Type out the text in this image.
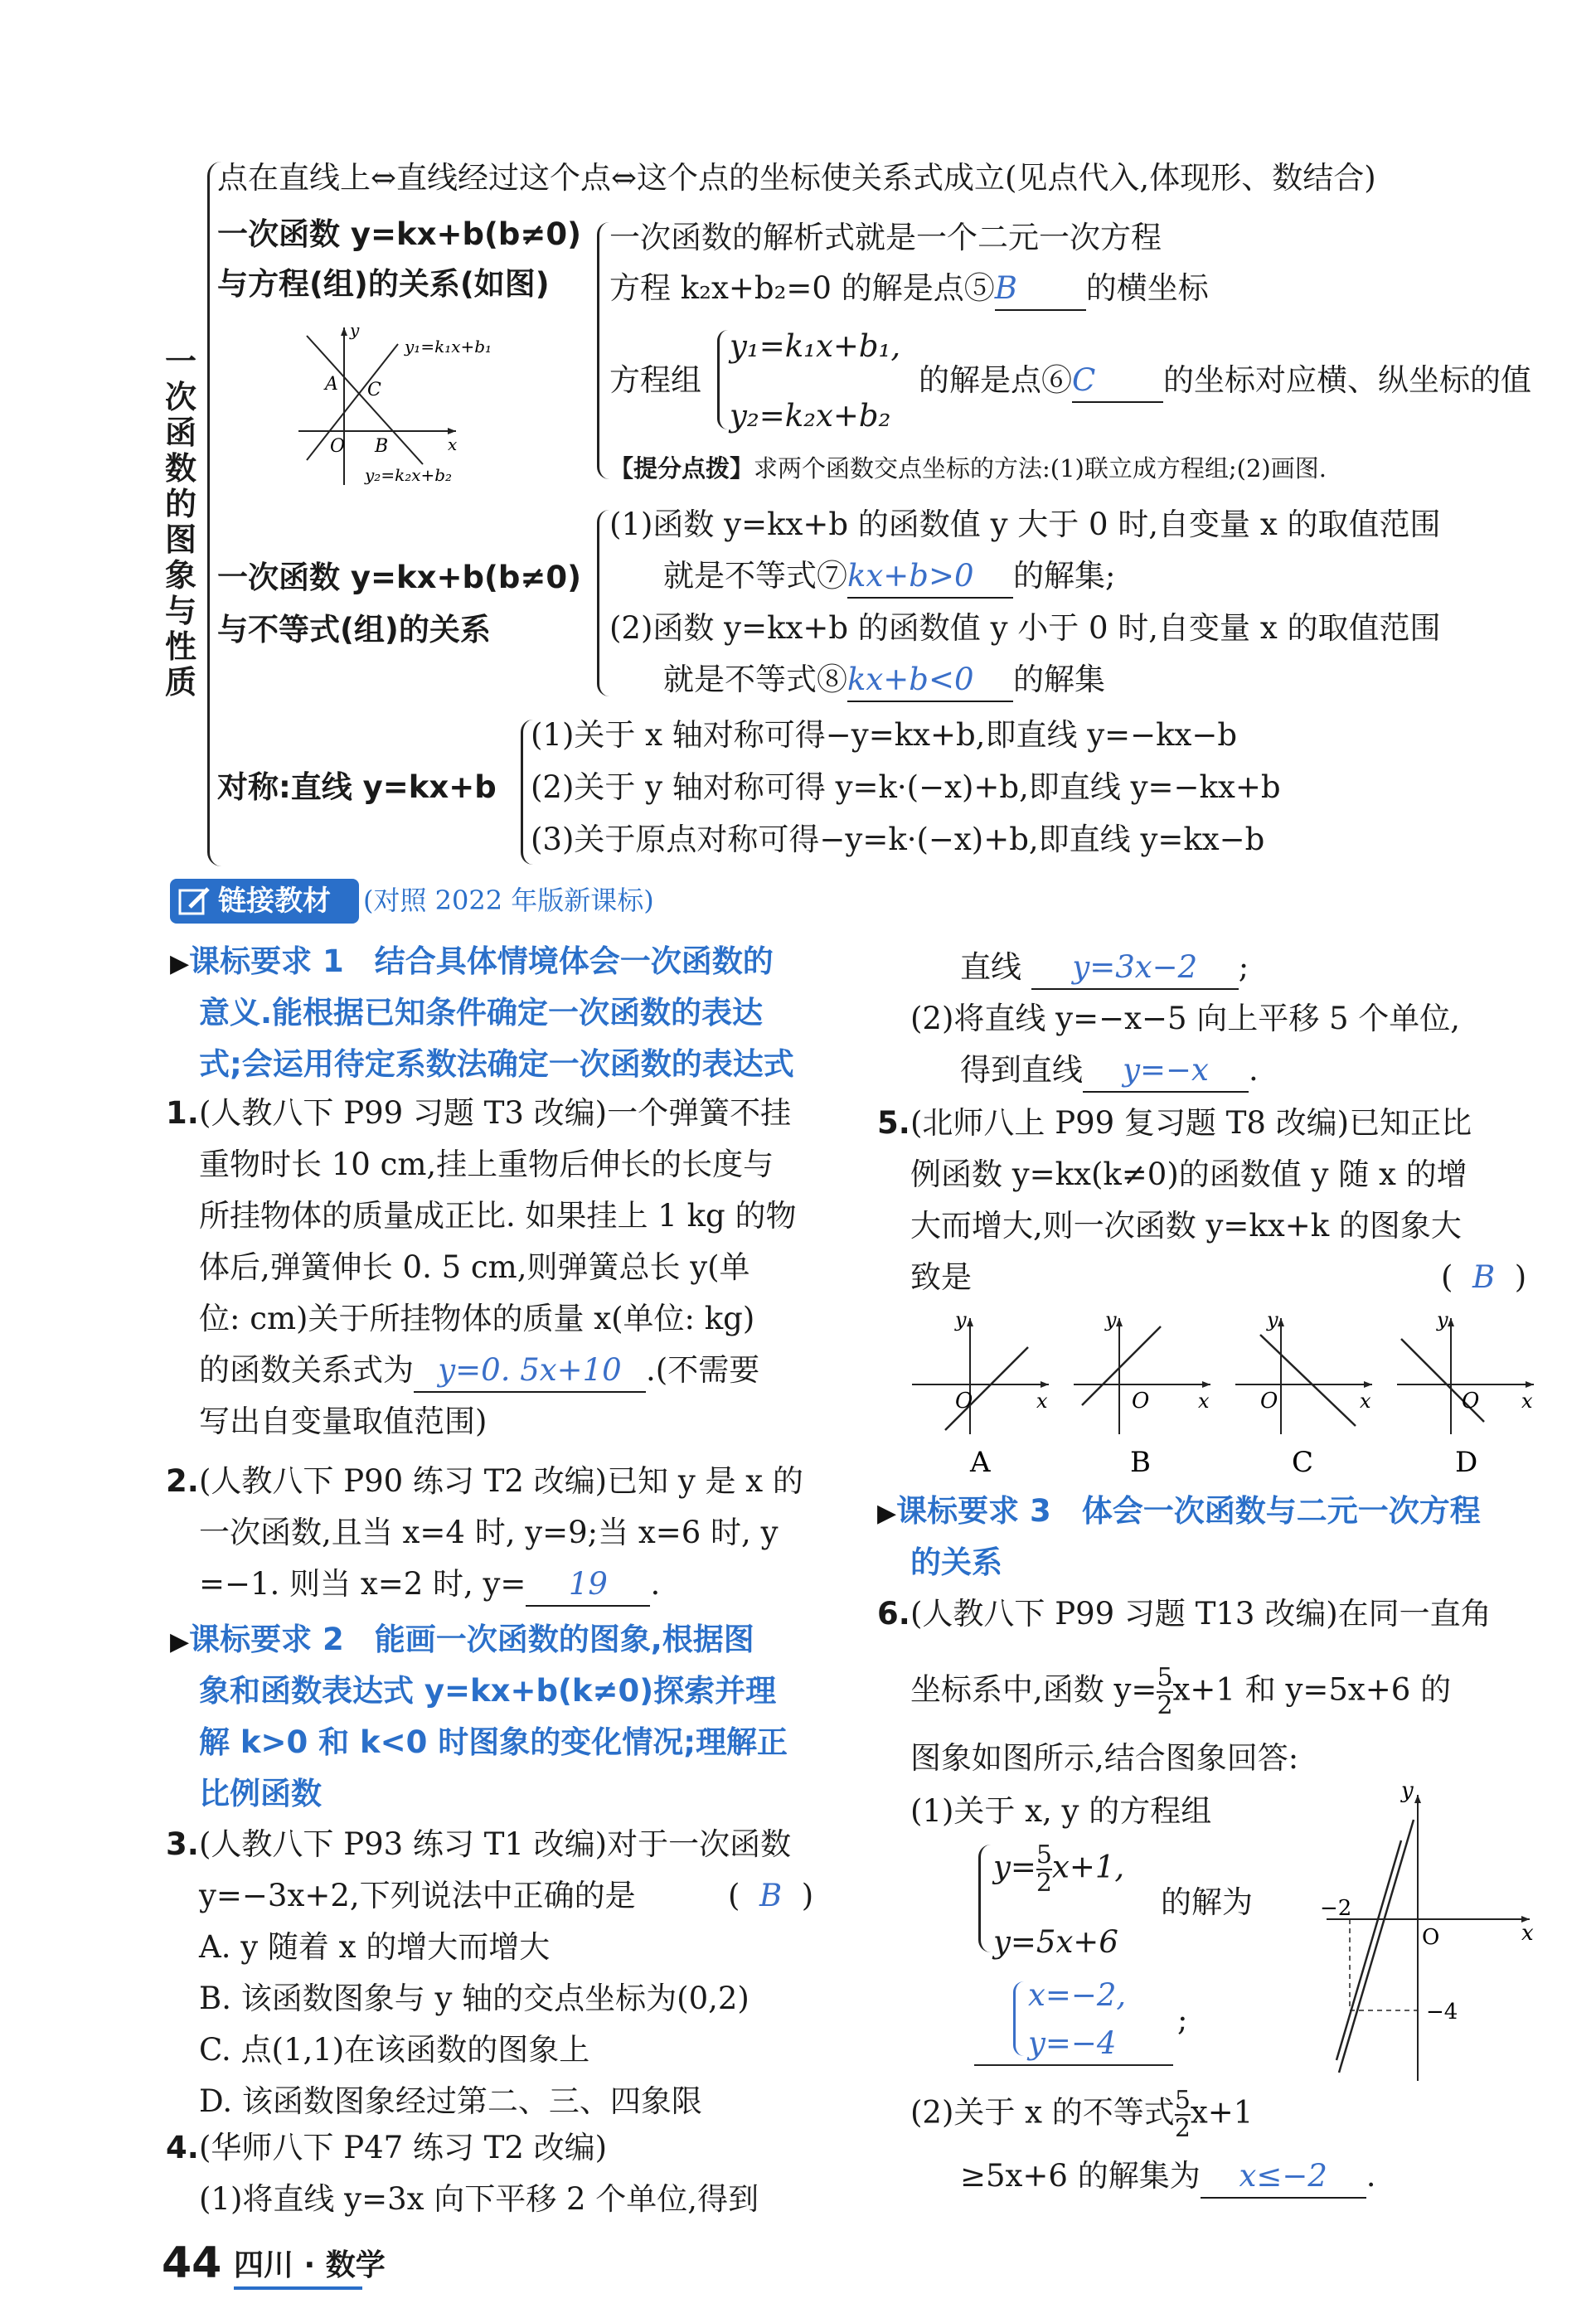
一次函数的图象与性质
点在直线上⇔直线经过这个点⇔这个点的坐标使关系式成立(见点代入,体现形、数结合)
一次函数 y=kx+b(b≠0)
与方程(组)的关系(如图)
y
x
O B
A C
y₁=k₁x+b₁
y₂=k₂x+b₂
一次函数的解析式就是一个二元一次方程
方程 k₂x+b₂=0 的解是点⑤B 的横坐标
方程组
y₁=k₁x+b₁,
y₂=k₂x+b₂
的解是点⑥C 的坐标对应横、纵坐标的值
【提分点拨】求两个函数交点坐标的方法:(1)联立成方程组;(2)画图.
一次函数 y=kx+b(b≠0)
与不等式(组)的关系
(1)函数 y=kx+b 的函数值 y 大于 0 时,自变量 x 的取值范围
就是不等式⑦kx+b>0 的解集;
(2)函数 y=kx+b 的函数值 y 小于 0 时,自变量 x 的取值范围
就是不等式⑧kx+b<0 的解集
对称:直线 y=kx+b
(1)关于 x 轴对称可得−y=kx+b,即直线 y=−kx−b
(2)关于 y 轴对称可得 y=k·(−x)+b,即直线 y=−kx+b
(3)关于原点对称可得−y=k·(−x)+b,即直线 y=kx−b
链接教材	(对照 2022 年版新课标)
▶课标要求 1　结合具体情境体会一次函数的
意义.能根据已知条件确定一次函数的表达
式;会运用待定系数法确定一次函数的表达式
1. (人教八下 P99 习题 T3 改编)一个弹簧不挂
重物时长 10 cm,挂上重物后伸长的长度与
所挂物体的质量成正比. 如果挂上 1 kg 的物
体后,弹簧伸长 0. 5 cm,则弹簧总长 y(单
位: cm)关于所挂物体的质量 x(单位: kg)
的函数关系式为 y=0. 5x+10 .(不需要
写出自变量取值范围)
2. (人教八下 P90 练习 T2 改编)已知 y 是 x 的
一次函数,且当 x=4 时, y=9;当 x=6 时, y
=−1. 则当 x=2 时, y= 19 .
▶课标要求 2　能画一次函数的图象,根据图
象和函数表达式 y=kx+b(k≠0)探索并理
解 k>0 和 k<0 时图象的变化情况;理解正
比例函数
3. (人教八下 P93 练习 T1 改编)对于一次函数
y=−3x+2,下列说法中正确的是	(  B  )
A. y 随着 x 的增大而增大
B. 该函数图象与 y 轴的交点坐标为(0,2)
C. 点(1,1)在该函数的图象上
D. 该函数图象经过第二、三、四象限
4. (华师八下 P47 练习 T2 改编)
(1)将直线 y=3x 向下平移 2 个单位,得到
直线 y=3x−2 ;
(2)将直线 y=−x−5 向上平移 5 个单位,
得到直线 y=−x .
5. (北师八上 P99 复习题 T8 改编)已知正比
例函数 y=kx(k≠0)的函数值 y 随 x 的增
大而增大,则一次函数 y=kx+k 的图象大
致是	(  B  )
O	x
y
A
O x
y
B
O	x
y
C
O x
y
D
▶课标要求 3　体会一次函数与二元一次方程
的关系
6. (人教八下 P99 习题 T13 改编)在同一直角
坐标系中,函数 $y= \frac{5}{2} x+1$ 和 y=5x+6 的
图象如图所示,结合图象回答:
(1)关于 x, y 的方程组
$y= \frac{5}{2} x+1$,
y=5x+6
的解为
x=−2,
y=−4
;
y
x
O
−2
−4
(2)关于 x 的不等式 $\frac{5}{2} x+1$
≥5x+6 的解集为 x≤−2 .
44 四川 · 数学
